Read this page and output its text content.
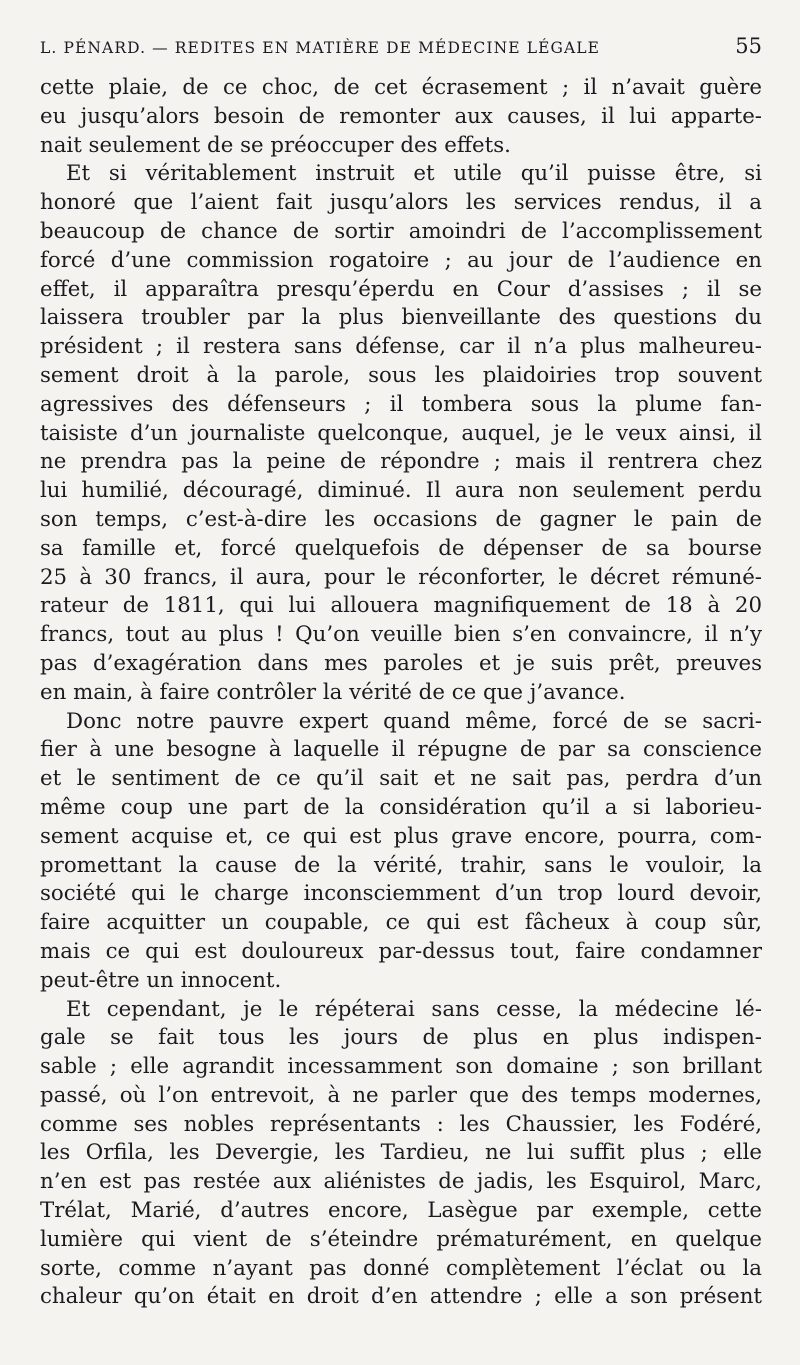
L. PÉNARD. — REDITES EN MATIÈRE DE MÉDECINE LÉGALE	55
cette plaie, de ce choc, de cet écrasement ; il n’avait guère
eu jusqu’alors besoin de remonter aux causes, il lui apparte-
nait seulement de se préoccuper des effets.
Et si véritablement instruit et utile qu’il puisse être, si
honoré que l’aient fait jusqu’alors les services rendus, il a
beaucoup de chance de sortir amoindri de l’accomplissement
forcé d’une commission rogatoire ; au jour de l’audience en
effet, il apparaîtra presqu’éperdu en Cour d’assises ; il se
laissera troubler par la plus bienveillante des questions du
président ; il restera sans défense, car il n’a plus malheureu-
sement droit à la parole, sous les plaidoiries trop souvent
agressives des défenseurs ; il tombera sous la plume fan-
taisiste d’un journaliste quelconque, auquel, je le veux ainsi, il
ne prendra pas la peine de répondre ; mais il rentrera chez
lui humilié, découragé, diminué. Il aura non seulement perdu
son temps, c’est-à-dire les occasions de gagner le pain de
sa famille et, forcé quelquefois de dépenser de sa bourse
25 à 30 francs, il aura, pour le réconforter, le décret rémuné-
rateur de 1811, qui lui allouera magnifiquement de 18 à 20
francs, tout au plus ! Qu’on veuille bien s’en convaincre, il n’y
pas d’exagération dans mes paroles et je suis prêt, preuves
en main, à faire contrôler la vérité de ce que j’avance.
Donc notre pauvre expert quand même, forcé de se sacri-
fier à une besogne à laquelle il répugne de par sa conscience
et le sentiment de ce qu’il sait et ne sait pas, perdra d’un
même coup une part de la considération qu’il a si laborieu-
sement acquise et, ce qui est plus grave encore, pourra, com-
promettant la cause de la vérité, trahir, sans le vouloir, la
société qui le charge inconsciemment d’un trop lourd devoir,
faire acquitter un coupable, ce qui est fâcheux à coup sûr,
mais ce qui est douloureux par-dessus tout, faire condamner
peut-être un innocent.
Et cependant, je le répéterai sans cesse, la médecine lé-
gale se fait tous les jours de plus en plus indispen-
sable ; elle agrandit incessamment son domaine ; son brillant
passé, où l’on entrevoit, à ne parler que des temps modernes,
comme ses nobles représentants : les Chaussier, les Fodéré,
les Orfila, les Devergie, les Tardieu, ne lui suffit plus ; elle
n’en est pas restée aux aliénistes de jadis, les Esquirol, Marc,
Trélat, Marié, d’autres encore, Lasègue par exemple, cette
lumière qui vient de s’éteindre prématurément, en quelque
sorte, comme n’ayant pas donné complètement l’éclat ou la
chaleur qu’on était en droit d’en attendre ; elle a son présent
